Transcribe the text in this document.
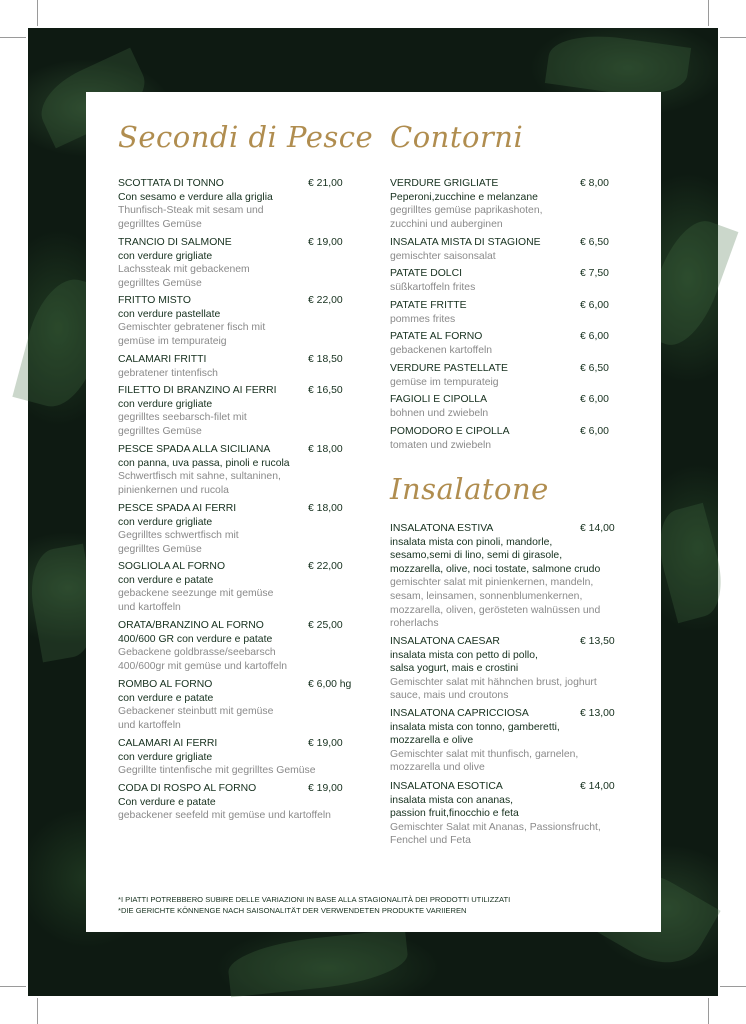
Secondi di Pesce
SCOTTATA DI TONNO	€ 21,00
Con sesamo e verdure alla griglia
Thunfisch-Steak mit sesam und
gegrilltes Gemüse
TRANCIO DI SALMONE	€ 19,00
con verdure grigliate
Lachssteak mit gebackenem
gegrilltes Gemüse
FRITTO MISTO	€ 22,00
con verdure pastellate
Gemischter gebratener fisch mit
gemüse im tempurateig
CALAMARI FRITTI	€ 18,50
gebratener tintenfisch
FILETTO DI BRANZINO AI FERRI	€ 16,50
con verdure grigliate
gegrilltes seebarsch-filet mit
gegrilltes Gemüse
PESCE SPADA ALLA SICILIANA	€ 18,00
con panna, uva passa, pinoli e rucola
Schwertfisch mit sahne, sultaninen,
pinienkernen und rucola
PESCE SPADA AI FERRI	€ 18,00
con verdure grigliate
Gegrilltes schwertfisch mit
gegrilltes Gemüse
SOGLIOLA AL FORNO	€ 22,00
con verdure e patate
gebackene seezunge mit gemüse
und kartoffeln
ORATA/BRANZINO AL FORNO	€ 25,00
400/600 GR con verdure e patate
Gebackene goldbrasse/seebarsch
400/600gr mit gemüse und kartoffeln
ROMBO AL FORNO	€ 6,00 hg
con verdure e patate
Gebackener steinbutt mit gemüse
und kartoffeln
CALAMARI AI FERRI	€ 19,00
con verdure grigliate
Gegrillte tintenfische mit gegrilltes Gemüse
CODA DI ROSPO AL FORNO	€ 19,00
Con verdure e patate
gebackener seefeld mit gemüse und kartoffeln
Contorni
VERDURE GRIGLIATE	€ 8,00
Peperoni,zucchine e melanzane
gegrilltes gemüse paprikashoten,
zucchini und auberginen
INSALATA MISTA DI STAGIONE	€ 6,50
gemischter saisonsalat
PATATE DOLCI	€ 7,50
süßkartoffeln frites
PATATE FRITTE	€ 6,00
pommes frites
PATATE AL FORNO	€ 6,00
gebackenen kartoffeln
VERDURE PASTELLATE	€ 6,50
gemüse im tempurateig
FAGIOLI E CIPOLLA	€ 6,00
bohnen und zwiebeln
POMODORO E CIPOLLA	€ 6,00
tomaten und zwiebeln
Insalatone
INSALATONA ESTIVA	€ 14,00
insalata mista con pinoli, mandorle,
sesamo,semi di lino, semi di girasole,
mozzarella, olive, noci tostate, salmone crudo
gemischter salat mit pinienkernen, mandeln,
sesam, leinsamen, sonnenblumenkernen,
mozzarella, oliven, gerösteten walnüssen und
roherlachs
INSALATONA CAESAR	€ 13,50
insalata mista con petto di pollo,
salsa yogurt, mais e crostini
Gemischter salat mit hähnchen brust, joghurt
sauce, mais und croutons
INSALATONA CAPRICCIOSA	€ 13,00
insalata mista con tonno, gamberetti,
mozzarella e olive
Gemischter salat mit thunfisch, garnelen,
mozzarella und olive
INSALATONA ESOTICA	€ 14,00
insalata mista con ananas,
passion fruit,finocchio e feta
Gemischter Salat mit Ananas, Passionsfrucht,
Fenchel und Feta
*I PIATTI POTREBBERO SUBIRE DELLE VARIAZIONI IN BASE ALLA STAGIONALITÀ DEI PRODOTTI UTILIZZATI
*DIE GERICHTE KÖNNENGE NACH SAISONALITÄT DER VERWENDETEN PRODUKTE VARIIEREN
